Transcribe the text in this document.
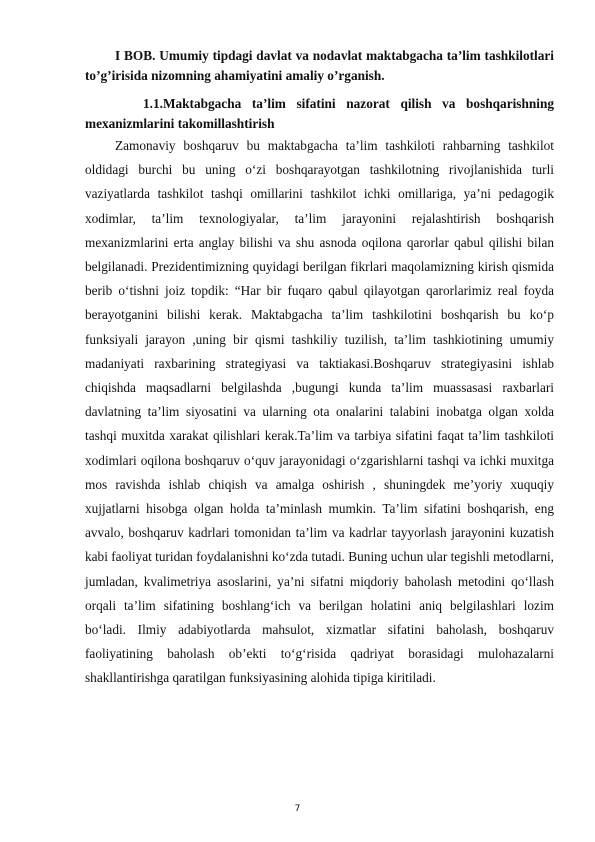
I BOB. Umumiy tipdagi davlat va nodavlat maktabgacha ta’lim tashkilotlari to’g’irisida nizomning ahamiyatini amaliy o’rganish.

1.1.Maktabgacha ta’lim sifatini nazorat qilish va boshqarishning mexanizmlarini takomillashtirish

Zamonaviy boshqaruv bu maktabgacha ta’lim tashkiloti rahbarning tashkilot oldidagi burchi bu uning o‘zi boshqarayotgan tashkilotning rivojlanishida turli vaziyatlarda tashkilot tashqi omillarini tashkilot ichki omillariga, ya’ni pedagogik xodimlar, ta’lim texnologiyalar, ta’lim jarayonini rejalashtirish boshqarish mexanizmlarini erta anglay bilishi va shu asnoda oqilona qarorlar qabul qilishi bilan belgilanadi. Prezidentimizning quyidagi berilgan fikrlari maqolamizning kirish qismida berib o‘tishni joiz topdik: “Har bir fuqaro qabul qilayotgan qarorlarimiz real foyda berayotganini bilishi kerak. Maktabgacha ta’lim tashkilotini boshqarish bu ko‘p funksiyali jarayon ,uning bir qismi tashkiliy tuzilish, ta’lim tashkiotining umumiy madaniyati raxbarining strategiyasi va taktiakasi.Boshqaruv strategiyasini ishlab chiqishda maqsadlarni belgilashda ,bugungi kunda ta’lim muassasasi raxbarlari davlatning ta’lim siyosatini va ularning ota onalarini talabini inobatga olgan xolda tashqi muxitda xarakat qilishlari kerak.Ta’lim va tarbiya sifatini faqat ta’lim tashkiloti xodimlari oqilona boshqaruv o‘quv jarayonidagi o‘zgarishlarni tashqi va ichki muxitga mos ravishda ishlab chiqish va amalga oshirish , shuningdek me’yoriy xuquqiy xujjatlarni hisobga olgan holda ta’minlash mumkin. Ta’lim sifatini boshqarish, eng avvalo, boshqaruv kadrlari tomonidan ta’lim va kadrlar tayyorlash jarayonini kuzatish kabi faoliyat turidan foydalanishni ko‘zda tutadi. Buning uchun ular tegishli metodlarni, jumladan, kvalimetriya asoslarini, ya’ni sifatni miqdoriy baholash metodini qo‘llash orqali ta’lim sifatining boshlang‘ich va berilgan holatini aniq belgilashlari lozim bo‘ladi. Ilmiy adabiyotlarda mahsulot, xizmatlar sifatini baholash, boshqaruv faoliyatining baholash ob’ekti to‘g‘risida qadriyat borasidagi mulohazalarni shakllantirishga qaratilgan funksiyasining alohida tipiga kiritiladi.

7
